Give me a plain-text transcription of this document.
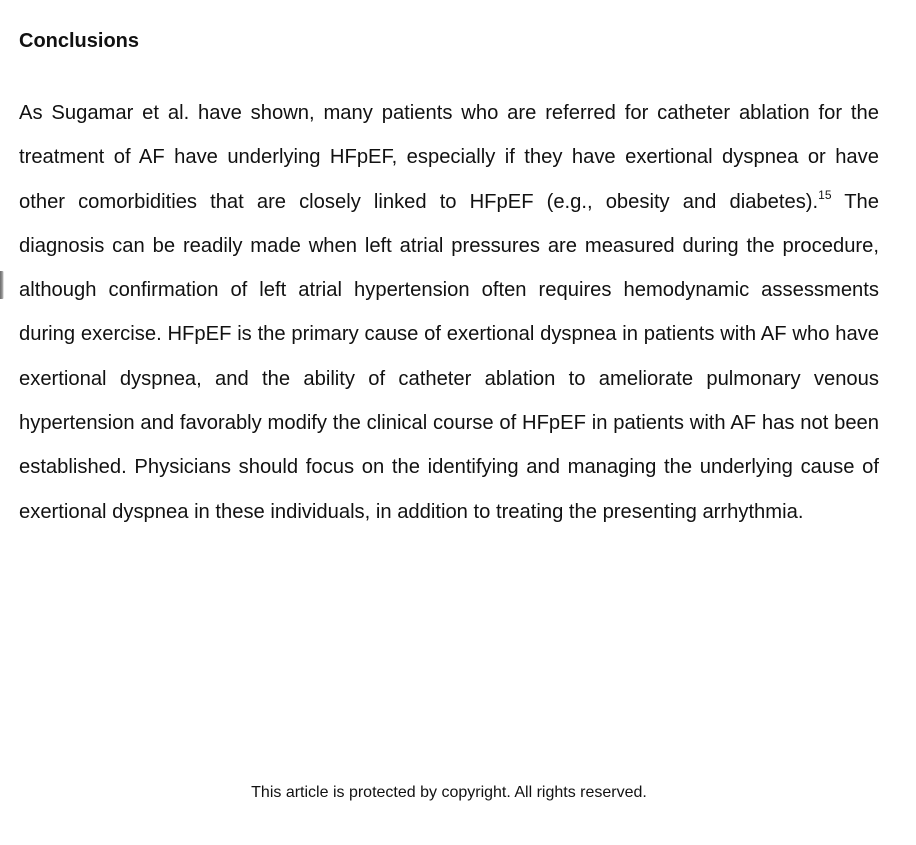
Conclusions

As Sugamar et al. have shown, many patients who are referred for catheter ablation for the treatment of AF have underlying HFpEF, especially if they have exertional dyspnea or have other comorbidities that are closely linked to HFpEF (e.g., obesity and diabetes).$^{15}$ The diagnosis can be readily made when left atrial pressures are measured during the procedure, although confirmation of left atrial hypertension often requires hemodynamic assessments during exercise. HFpEF is the primary cause of exertional dyspnea in patients with AF who have exertional dyspnea, and the ability of catheter ablation to ameliorate pulmonary venous hypertension and favorably modify the clinical course of HFpEF in patients with AF has not been established. Physicians should focus on the identifying and managing the underlying cause of exertional dyspnea in these individuals, in addition to treating the presenting arrhythmia.

This article is protected by copyright. All rights reserved.
